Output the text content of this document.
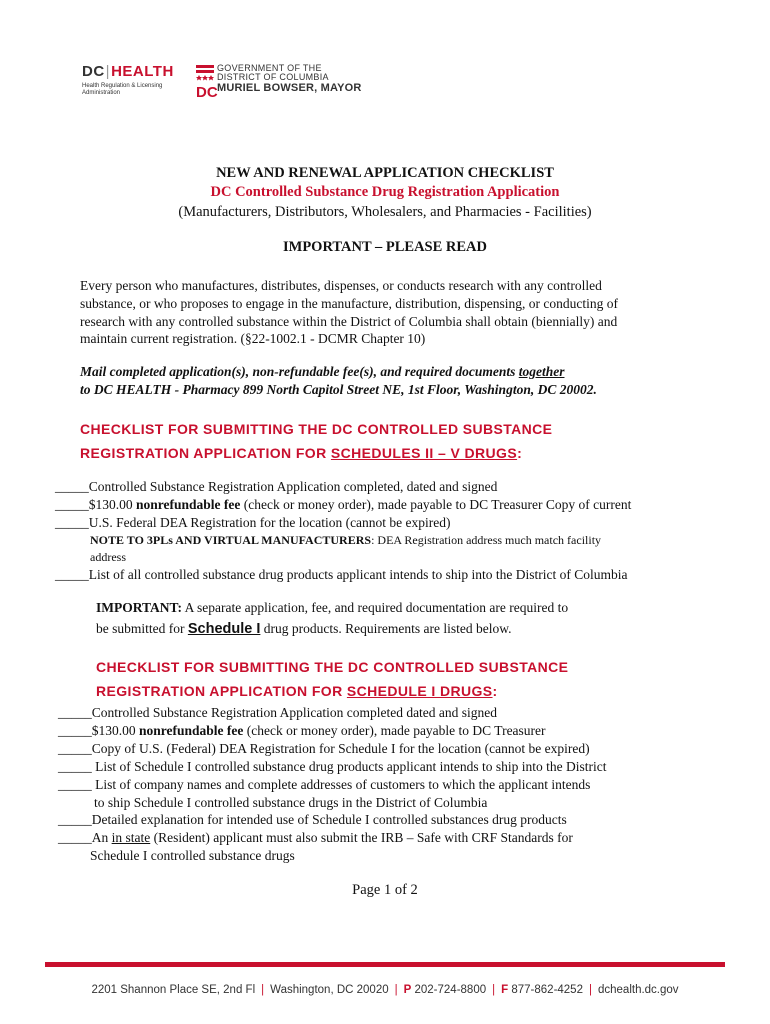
DC|HEALTH
Health Regulation & Licensing Administration	DC
GOVERNMENT OF THE
DISTRICT OF COLUMBIA
MURIEL BOWSER, MAYOR
NEW AND RENEWAL APPLICATION CHECKLIST
DC Controlled Substance Drug Registration Application
(Manufacturers, Distributors, Wholesalers, and Pharmacies - Facilities)
IMPORTANT – PLEASE READ
Every person who manufactures, distributes, dispenses, or conducts research with any controlled
substance, or who proposes to engage in the manufacture, distribution, dispensing, or conducting of
research with any controlled substance within the District of Columbia shall obtain (biennially) and
maintain current registration. (§22-1002.1 - DCMR Chapter 10)
Mail completed application(s), non-refundable fee(s), and required documents together
to DC HEALTH - Pharmacy 899 North Capitol Street NE, 1st Floor, Washington, DC 20002.
CHECKLIST FOR SUBMITTING THE DC CONTROLLED SUBSTANCE
REGISTRATION APPLICATION FOR SCHEDULES II – V DRUGS:
_____Controlled Substance Registration Application completed, dated and signed
_____$130.00 nonrefundable fee (check or money order), made payable to DC Treasurer Copy of current
_____U.S. Federal DEA Registration for the location (cannot be expired)
NOTE TO 3PLs AND VIRTUAL MANUFACTURERS: DEA Registration address much match facility
address
_____List of all controlled substance drug products applicant intends to ship into the District of Columbia
IMPORTANT: A separate application, fee, and required documentation are required to
be submitted for Schedule I drug products. Requirements are listed below.
CHECKLIST FOR SUBMITTING THE DC CONTROLLED SUBSTANCE
REGISTRATION APPLICATION FOR SCHEDULE I DRUGS:
_____Controlled Substance Registration Application completed dated and signed
_____$130.00 nonrefundable fee (check or money order), made payable to DC Treasurer
_____Copy of U.S. (Federal) DEA Registration for Schedule I for the location (cannot be expired)
_____ List of Schedule I controlled substance drug products applicant intends to ship into the District
_____ List of company names and complete addresses of customers to which the applicant intends
to ship Schedule I controlled substance drugs in the District of Columbia
_____Detailed explanation for intended use of Schedule I controlled substances drug products
_____An in state (Resident) applicant must also submit the IRB – Safe with CRF Standards for
Schedule I controlled substance drugs
Page 1 of 2
2201 Shannon Place SE, 2nd Fl | Washington, DC 20020 | P 202-724-8800 | F 877-862-4252 | dchealth.dc.gov
